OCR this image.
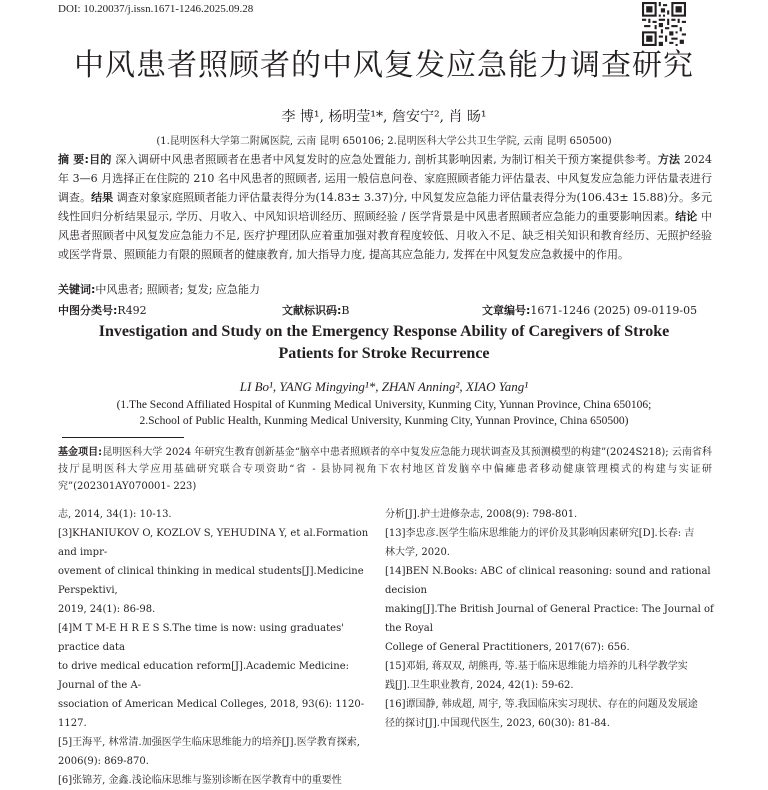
DOI: 10.20037/j.issn.1671-1246.2025.09.28
中风患者照顾者的中风复发应急能力调查研究
李 博¹, 杨明莹¹*, 詹安宁², 肖 旸¹
(1.昆明医科大学第二附属医院, 云南 昆明 650106; 2.昆明医科大学公共卫生学院, 云南 昆明 650500)
摘 要:目的 深入调研中风患者照顾者在患者中风复发时的应急处置能力, 剖析其影响因素, 为制订相关干预方案提供参考。方法 2024 年 3—6 月选择正在住院的 210 名中风患者的照顾者, 运用一般信息问卷、家庭照顾者能力评估量表、中风复发应急能力评估量表进行调查。结果 调查对象家庭照顾者能力评估量表得分为(14.83± 3.37)分, 中风复发应急能力评估量表得分为(106.43± 15.88)分。多元线性回归分析结果显示, 学历、月收入、中风知识培训经历、照顾经验 / 医学背景是中风患者照顾者应急能力的重要影响因素。结论 中风患者照顾者中风复发应急能力不足, 医疗护理团队应着重加强对教育程度较低、月收入不足、缺乏相关知识和教育经历、无照护经验或医学背景、照顾能力有限的照顾者的健康教育, 加大指导力度, 提高其应急能力, 发挥在中风复发应急救援中的作用。
关键词:中风患者; 照顾者; 复发; 应急能力
中图分类号:R492	文献标识码:B	文章编号:1671-1246 (2025) 09-0119-05
Investigation and Study on the Emergency Response Ability of Caregivers of Stroke
Patients for Stroke Recurrence
LI Bo¹, YANG Mingying¹*, ZHAN Anning², XIAO Yang¹
(1.The Second Affiliated Hospital of Kunming Medical University, Kunming City, Yunnan Province, China 650106;
2.School of Public Health, Kunming Medical University, Kunming City, Yunnan Province, China 650500)
基金项目:昆明医科大学 2024 年研究生教育创新基金“脑卒中患者照顾者的卒中复发应急能力现状调查及其预测模型的构建”(2024S218); 云南省科技厅昆明医科大学应用基础研究联合专项资助“省 - 县协同视角下农村地区首发脑卒中偏瘫患者移动健康管理模式的构建与实证研究”(202301AY070001- 223)
志, 2014, 34(1): 10-13.
[3]KHANIUKOV O, KOZLOV S, YEHUDINA Y, et al.Formation and impr-
ovement of clinical thinking in medical students[J].Medicine Perspektivi,
2019, 24(1): 86-98.
[4]M T M-E H R E S S.The time is now: using graduates' practice data
to drive medical education reform[J].Academic Medicine: Journal of the A-
ssociation of American Medical Colleges, 2018, 93(6): 1120-1127.
[5]王海平, 林常清.加强医学生临床思维能力的培养[J].医学教育探索,
2006(9): 869-870.
[6]张锦芳, 金鑫.浅论临床思维与鉴别诊断在医学教育中的重要性
分析[J].护士进修杂志, 2008(9): 798-801.
[13]李忠彦.医学生临床思维能力的评价及其影响因素研究[D].长春: 吉
林大学, 2020.
[14]BEN N.Books: ABC of clinical reasoning: sound and rational decision
making[J].The British Journal of General Practice: The Journal of the Royal
College of General Practitioners, 2017(67): 656.
[15]邓娟, 蒋双双, 胡熊再, 等.基于临床思维能力培养的儿科学教学实
践[J].卫生职业教育, 2024, 42(1): 59-62.
[16]谭国静, 韩成超, 周宇, 等.我国临床实习现状、存在的问题及发展途
径的探讨[J].中国现代医生, 2023, 60(30): 81-84.
